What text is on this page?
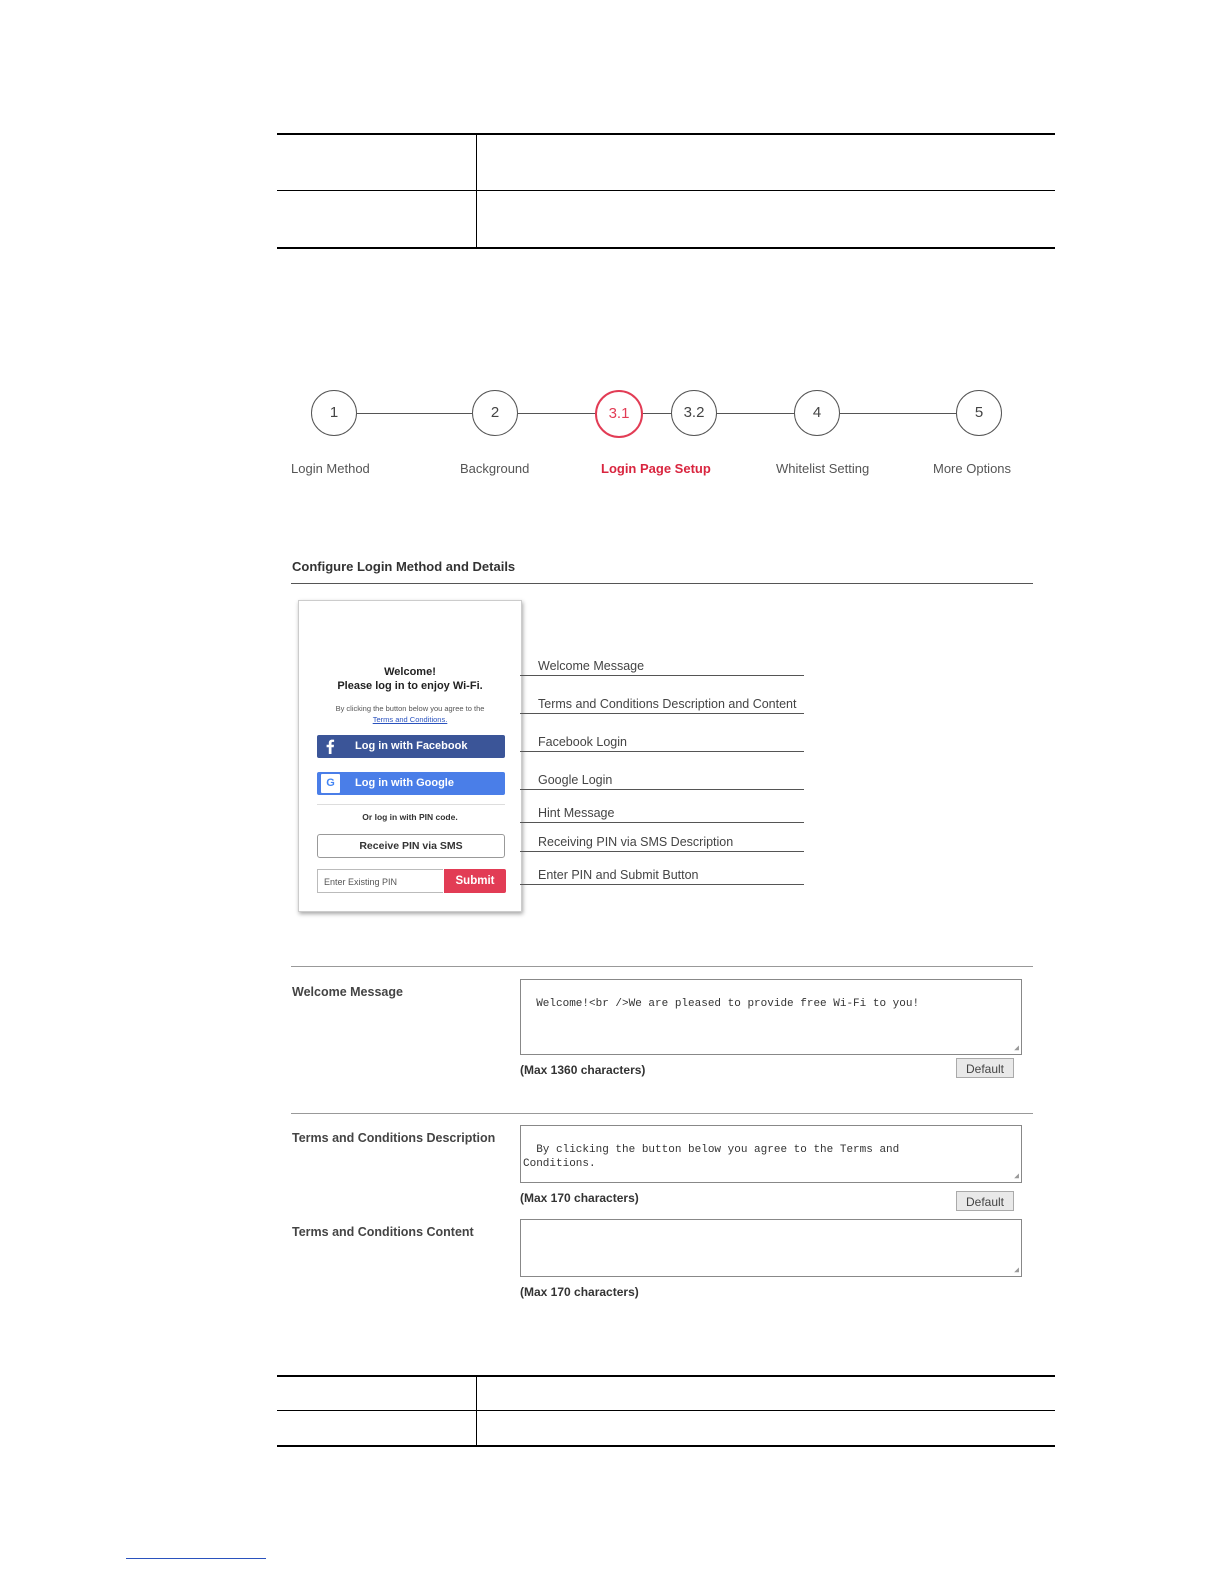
1	2	3.1	3.2	4	5
Login Method	Background	Login Page Setup	Whitelist Setting	More Options
Configure Login Method and Details
Welcome!
Please log in to enjoy Wi-Fi.
By clicking the button below you agree to the
Terms and Conditions.
Log in with Facebook
G	Log in with Google
Or log in with PIN code.
Receive PIN via SMS
Enter Existing PIN	Submit
Welcome Message
Terms and Conditions Description and Content
Facebook Login
Google Login
Hint Message
Receiving PIN via SMS Description
Enter PIN and Submit Button
Welcome Message

Welcome!<br />We are pleased to provide free Wi-Fi to you!

◢

(Max 1360 characters)	Default
Terms and Conditions Description

By clicking the button below you agree to the Terms and
Conditions.

◢

(Max 170 characters)	Default
Terms and Conditions Content

◢

(Max 170 characters)
